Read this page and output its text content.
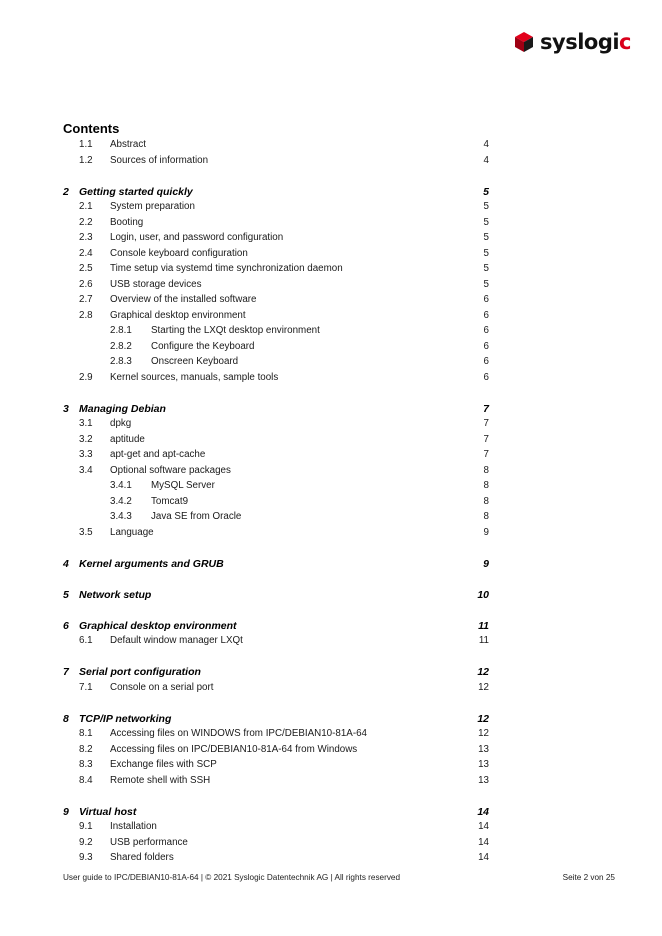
syslogic
Contents
1.1 Abstract	4
1.2 Sources of information	4
2 Getting started quickly	5
2.1 System preparation	5
2.2 Booting	5
2.3 Login, user, and password configuration	5
2.4 Console keyboard configuration	5
2.5 Time setup via systemd time synchronization daemon	5
2.6 USB storage devices	5
2.7 Overview of the installed software	6
2.8 Graphical desktop environment	6
2.8.1 Starting the LXQt desktop environment	6
2.8.2 Configure the Keyboard	6
2.8.3 Onscreen Keyboard	6
2.9 Kernel sources, manuals, sample tools	6
3 Managing Debian	7
3.1 dpkg	7
3.2 aptitude	7
3.3 apt-get and apt-cache	7
3.4 Optional software packages	8
3.4.1 MySQL Server	8
3.4.2 Tomcat9	8
3.4.3 Java SE from Oracle	8
3.5 Language	9
4 Kernel arguments and GRUB	9
5 Network setup	10
6 Graphical desktop environment	11
6.1 Default window manager LXQt	11
7 Serial port configuration	12
7.1 Console on a serial port	12
8 TCP/IP networking	12
8.1 Accessing files on WINDOWS from IPC/DEBIAN10-81A-64	12
8.2 Accessing files on IPC/DEBIAN10-81A-64 from Windows	13
8.3 Exchange files with SCP	13
8.4 Remote shell with SSH	13
9 Virtual host	14
9.1 Installation	14
9.2 USB performance	14
9.3 Shared folders	14
User guide to IPC/DEBIAN10-81A-64 | © 2021 Syslogic Datentechnik AG | All rights reserved	Seite 2 von 25
